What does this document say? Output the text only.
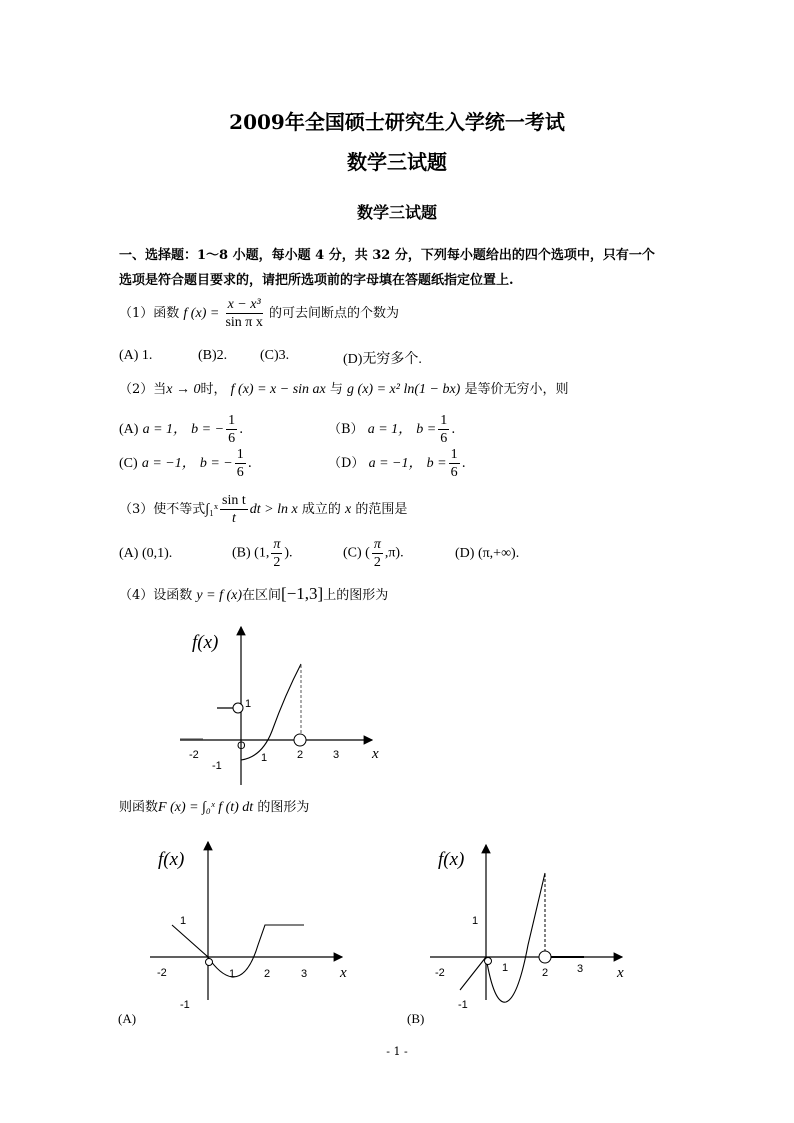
2009年全国硕士研究生入学统一考试
数学三试题
数学三试题
一、选择题：1～8 小题，每小题 4 分，共 32 分，下列每小题给出的四个选项中，只有一个
选项是符合题目要求的，请把所选项前的字母填在答题纸指定位置上.
（1）函数 f $(x) = \frac{\text{x − x³}}{\text{sin π x}}$ 的可去间断点的个数为
(A) 1.	(B)2. (C)3.	(D)无穷多个.
（2）当x → 0时， f (x) = x − sin ax 与 g (x) = x² ln(1 − bx) 是等价无穷小，则
(A) a = 1， b = − $\frac{1}{6}$ .	（B） a = 1， $b = \frac{1}{6}$ .
(C) a = −1， b = − $\frac{1}{6}$ .	（D） a = −1， $b = \frac{1}{6}$ .
（3）使不等式∫₁ˣ $\frac{\text{sin t}}{t}$ dt > ln x 成立的 x 的范围是
(A) (0,1).	(B) (1, $\frac{\pi}{2}$ ).	(C) ( $\frac{\pi}{2} ,\pi$).	(D) (π,+∞).
（4）设函数 y = f (x)在区间[−1,3]上的图形为
则函数F (x) = ∫₀ˣ f (t) dt 的图形为
f(x)
x
O
-2	1	2	3
1
-1
f(x)
x
-2	1	2	3
1
-1
(A)
f(x)
x
-2	1	2	3
1
-1
(B)
- 1 -
